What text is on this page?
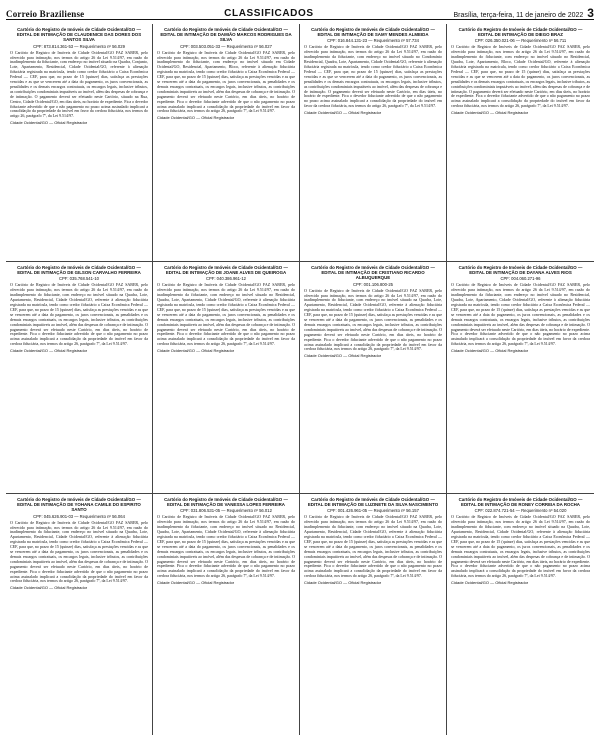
Correio Braziliense	CLASSIFICADOS	Brasília, terça-feira, 11 de janeiro de 2022 3

Cartório do Registro de Imóveis de Cidade Ocidental/GO — EDITAL DE INTIMAÇÃO DE CLAUDENICE DAS DORES DOS SANTOS SILVA

CPF: 873.814.361-53 — Requerimento nº 56.029

O Cartório de Registro de Imóveis de Cidade Ocidental/GO FAZ SABER, pelo oferecido para intimação, nos termos do artigo 26 da Lei 9.514/97, em razão do inadimplemento da fiduciante, com endereço no imóvel situado na Quadra, Conjunto, Lote, Apartamento, Residencial, Cidade Ocidental/GO, referente à alienação fiduciária registrada na matrícula, tendo como credor fiduciário a Caixa Econômica Federal — CEF, para que, no prazo de 15 (quinze) dias, satisfaça as prestações vencidas e as que se vencerem até a data do pagamento, os juros convencionais, as penalidades e os demais encargos contratuais, os encargos legais, inclusive tributos, as contribuições condominiais imputáveis ao imóvel, além das despesas de cobrança e de intimação. O pagamento deverá ser efetuado neste Cartório, situado na Rua, Centro, Cidade Ocidental/GO, em dias úteis, no horário de expediente. Fica o devedor fiduciante advertido de que o não pagamento no prazo acima assinalado implicará a consolidação da propriedade do imóvel em favor da credora fiduciária, nos termos do artigo 26, parágrafo 7º, da Lei 9.514/97.

Cidade Ocidental/GO — Oficial Registrador

Cartório do Registro de Imóveis de Cidade Ocidental/GO — EDITAL DE INTIMAÇÃO DE DAMIÃO MARCOS RODRIGUES DA SILVA

CPF: 003.503.051-33 — Requerimento nº 56.027

O Cartório de Registro de Imóveis de Cidade Ocidental/GO FAZ SABER, pelo oferecido para intimação, nos termos do artigo 26 da Lei 9.514/97, em razão do inadimplemento do fiduciante, com endereço no imóvel situado em Cidade Ocidental/GO, Residencial, Apartamento, Bloco, referente à alienação fiduciária registrada na matrícula, tendo como credor fiduciário a Caixa Econômica Federal — CEF, para que, no prazo de 15 (quinze) dias, satisfaça as prestações vencidas e as que se vencerem até a data do pagamento, os juros convencionais, as penalidades e os demais encargos contratuais, os encargos legais, inclusive tributos, as contribuições condominiais imputáveis ao imóvel, além das despesas de cobrança e de intimação. O pagamento deverá ser efetuado neste Cartório, em dias úteis, no horário de expediente. Fica o devedor fiduciante advertido de que o não pagamento no prazo acima assinalado implicará a consolidação da propriedade do imóvel em favor da credora fiduciária, nos termos do artigo 26, parágrafo 7º, da Lei 9.514/97.

Cidade Ocidental/GO — Oficial Registrador

Cartório do Registro de Imóveis de Cidade Ocidental/GO — EDITAL DE INTIMAÇÃO DE SAMY MENDES ALMEIDA

CPF: 016.844.131-23 — Requerimento nº 57.734

O Cartório de Registro de Imóveis de Cidade Ocidental/GO FAZ SABER, pelo oferecido para intimação, nos termos do artigo 26 da Lei 9.514/97, em razão do inadimplemento da fiduciante, com endereço no imóvel situado no Condomínio Residencial, Quadra, Lote, Apartamento, Cidade Ocidental/GO, referente à alienação fiduciária registrada na matrícula, tendo como credor fiduciário a Caixa Econômica Federal — CEF, para que, no prazo de 15 (quinze) dias, satisfaça as prestações vencidas e as que se vencerem até a data do pagamento, os juros convencionais, as penalidades e os demais encargos contratuais, os encargos legais, inclusive tributos, as contribuições condominiais imputáveis ao imóvel, além das despesas de cobrança e de intimação. O pagamento deverá ser efetuado neste Cartório, em dias úteis, no horário de expediente. Fica o devedor fiduciante advertido de que o não pagamento no prazo acima assinalado implicará a consolidação da propriedade do imóvel em favor da credora fiduciária, nos termos do artigo 26, parágrafo 7º, da Lei 9.514/97.

Cidade Ocidental/GO — Oficial Registrador

Cartório do Registro de Imóveis de Cidade Ocidental/GO — EDITAL DE INTIMAÇÃO DE DIEGO BRAZ

CPF: 026.350.021-06 — Requerimento nº 56.711

O Cartório de Registro de Imóveis de Cidade Ocidental/GO FAZ SABER, pelo oferecido para intimação, nos termos do artigo 26 da Lei 9.514/97, em razão do inadimplemento do fiduciante, com endereço no imóvel situado no Residencial, Quadra, Lote, Apartamento, Bloco, Cidade Ocidental/GO, referente à alienação fiduciária registrada na matrícula, tendo como credor fiduciário a Caixa Econômica Federal — CEF, para que, no prazo de 15 (quinze) dias, satisfaça as prestações vencidas e as que se vencerem até a data do pagamento, os juros convencionais, as penalidades e os demais encargos contratuais, os encargos legais, inclusive tributos, as contribuições condominiais imputáveis ao imóvel, além das despesas de cobrança e de intimação. O pagamento deverá ser efetuado neste Cartório, em dias úteis, no horário de expediente. Fica o devedor fiduciante advertido de que o não pagamento no prazo acima assinalado implicará a consolidação da propriedade do imóvel em favor da credora fiduciária, nos termos do artigo 26, parágrafo 7º, da Lei 9.514/97.

Cidade Ocidental/GO — Oficial Registrador

Cartório do Registro de Imóveis de Cidade Ocidental/GO — EDITAL DE INTIMAÇÃO DE GILSON CARVALHO FERREIRA

CPF: 035.768.541-10

O Cartório de Registro de Imóveis de Cidade Ocidental/GO FAZ SABER, pelo oferecido para intimação, nos termos do artigo 26 da Lei 9.514/97, em razão do inadimplemento do fiduciante, com endereço no imóvel situado na Quadra, Lote, Apartamento, Residencial, Cidade Ocidental/GO, referente à alienação fiduciária registrada na matrícula, tendo como credor fiduciário a Caixa Econômica Federal — CEF, para que, no prazo de 15 (quinze) dias, satisfaça as prestações vencidas e as que se vencerem até a data do pagamento, os juros convencionais, as penalidades e os demais encargos contratuais, os encargos legais, inclusive tributos, as contribuições condominiais imputáveis ao imóvel, além das despesas de cobrança e de intimação. O pagamento deverá ser efetuado neste Cartório, em dias úteis, no horário de expediente. Fica o devedor fiduciante advertido de que o não pagamento no prazo acima assinalado implicará a consolidação da propriedade do imóvel em favor da credora fiduciária, nos termos do artigo 26, parágrafo 7º, da Lei 9.514/97.

Cidade Ocidental/GO — Oficial Registrador

Cartório do Registro de Imóveis de Cidade Ocidental/GO — EDITAL DE INTIMAÇÃO DE JOANE ALVES DE QUEIROGA

CPF: 040.386.961-12

O Cartório de Registro de Imóveis de Cidade Ocidental/GO FAZ SABER, pelo oferecido para intimação, nos termos do artigo 26 da Lei 9.514/97, em razão do inadimplemento da fiduciante, com endereço no imóvel situado no Residencial, Quadra, Lote, Apartamento, Cidade Ocidental/GO, referente à alienação fiduciária registrada na matrícula, tendo como credor fiduciário a Caixa Econômica Federal — CEF, para que, no prazo de 15 (quinze) dias, satisfaça as prestações vencidas e as que se vencerem até a data do pagamento, os juros convencionais, as penalidades e os demais encargos contratuais, os encargos legais, inclusive tributos, as contribuições condominiais imputáveis ao imóvel, além das despesas de cobrança e de intimação. O pagamento deverá ser efetuado neste Cartório, em dias úteis, no horário de expediente. Fica o devedor fiduciante advertido de que o não pagamento no prazo acima assinalado implicará a consolidação da propriedade do imóvel em favor da credora fiduciária, nos termos do artigo 26, parágrafo 7º, da Lei 9.514/97.

Cidade Ocidental/GO — Oficial Registrador

Cartório do Registro de Imóveis de Cidade Ocidental/GO — EDITAL DE INTIMAÇÃO DE CRISTIANO RICARDO ALBUQUERQUE

CPF: 001.106.800-25

O Cartório de Registro de Imóveis de Cidade Ocidental/GO FAZ SABER, pelo oferecido para intimação, nos termos do artigo 26 da Lei 9.514/97, em razão do inadimplemento do fiduciante, com endereço no imóvel situado na Quadra, Lote, Apartamento, Residencial, Cidade Ocidental/GO, referente à alienação fiduciária registrada na matrícula, tendo como credor fiduciário a Caixa Econômica Federal — CEF, para que, no prazo de 15 (quinze) dias, satisfaça as prestações vencidas e as que se vencerem até a data do pagamento, os juros convencionais, as penalidades e os demais encargos contratuais, os encargos legais, inclusive tributos, as contribuições condominiais imputáveis ao imóvel, além das despesas de cobrança e de intimação. O pagamento deverá ser efetuado neste Cartório, em dias úteis, no horário de expediente. Fica o devedor fiduciante advertido de que o não pagamento no prazo acima assinalado implicará a consolidação da propriedade do imóvel em favor da credora fiduciária, nos termos do artigo 26, parágrafo 7º, da Lei 9.514/97.

Cidade Ocidental/GO — Oficial Registrador

Cartório do Registro de Imóveis de Cidade Ocidental/GO — EDITAL DE INTIMAÇÃO DE DAYANA ALVES RIOS

CPF: 004.060.271-96

O Cartório de Registro de Imóveis de Cidade Ocidental/GO FAZ SABER, pelo oferecido para intimação, nos termos do artigo 26 da Lei 9.514/97, em razão do inadimplemento da fiduciante, com endereço no imóvel situado no Residencial, Quadra, Lote, Apartamento, Cidade Ocidental/GO, referente à alienação fiduciária registrada na matrícula, tendo como credor fiduciário a Caixa Econômica Federal — CEF, para que, no prazo de 15 (quinze) dias, satisfaça as prestações vencidas e as que se vencerem até a data do pagamento, os juros convencionais, as penalidades e os demais encargos contratuais, os encargos legais, inclusive tributos, as contribuições condominiais imputáveis ao imóvel, além das despesas de cobrança e de intimação. O pagamento deverá ser efetuado neste Cartório, em dias úteis, no horário de expediente. Fica o devedor fiduciante advertido de que o não pagamento no prazo acima assinalado implicará a consolidação da propriedade do imóvel em favor da credora fiduciária, nos termos do artigo 26, parágrafo 7º, da Lei 9.514/97.

Cidade Ocidental/GO — Oficial Registrador

Cartório do Registro de Imóveis de Cidade Ocidental/GO — EDITAL DE INTIMAÇÃO DE YOHANA CAMILE DO ESPIRITO SANTO

CPF: 045.626.901-03 — Requerimento nº 56.064

O Cartório de Registro de Imóveis de Cidade Ocidental/GO FAZ SABER, pelo oferecido para intimação, nos termos do artigo 26 da Lei 9.514/97, em razão do inadimplemento da fiduciante, com endereço no imóvel situado na Quadra, Lote, Apartamento, Residencial, Cidade Ocidental/GO, referente à alienação fiduciária registrada na matrícula, tendo como credor fiduciário a Caixa Econômica Federal — CEF, para que, no prazo de 15 (quinze) dias, satisfaça as prestações vencidas e as que se vencerem até a data do pagamento, os juros convencionais, as penalidades e os demais encargos contratuais, os encargos legais, inclusive tributos, as contribuições condominiais imputáveis ao imóvel, além das despesas de cobrança e de intimação. O pagamento deverá ser efetuado neste Cartório, em dias úteis, no horário de expediente. Fica o devedor fiduciante advertido de que o não pagamento no prazo acima assinalado implicará a consolidação da propriedade do imóvel em favor da credora fiduciária, nos termos do artigo 26, parágrafo 7º, da Lei 9.514/97.

Cidade Ocidental/GO — Oficial Registrador

Cartório do Registro de Imóveis de Cidade Ocidental/GO — EDITAL DE INTIMAÇÃO DE VANESSA LOPES FERREIRA

CPF: 031.806.531-05 — Requerimento nº 56.012

O Cartório de Registro de Imóveis de Cidade Ocidental/GO FAZ SABER, pelo oferecido para intimação, nos termos do artigo 26 da Lei 9.514/97, em razão do inadimplemento da fiduciante, com endereço no imóvel situado no Residencial, Quadra, Lote, Apartamento, Cidade Ocidental/GO, referente à alienação fiduciária registrada na matrícula, tendo como credor fiduciário a Caixa Econômica Federal — CEF, para que, no prazo de 15 (quinze) dias, satisfaça as prestações vencidas e as que se vencerem até a data do pagamento, os juros convencionais, as penalidades e os demais encargos contratuais, os encargos legais, inclusive tributos, as contribuições condominiais imputáveis ao imóvel, além das despesas de cobrança e de intimação. O pagamento deverá ser efetuado neste Cartório, em dias úteis, no horário de expediente. Fica o devedor fiduciante advertido de que o não pagamento no prazo acima assinalado implicará a consolidação da propriedade do imóvel em favor da credora fiduciária, nos termos do artigo 26, parágrafo 7º, da Lei 9.514/97.

Cidade Ocidental/GO — Oficial Registrador

Cartório do Registro de Imóveis de Cidade Ocidental/GO — EDITAL DE INTIMAÇÃO DE LUZINETE DA SILVA NASCIMENTO

CPF: 001.426.961-05 — Requerimento nº 56.157

O Cartório de Registro de Imóveis de Cidade Ocidental/GO FAZ SABER, pelo oferecido para intimação, nos termos do artigo 26 da Lei 9.514/97, em razão do inadimplemento da fiduciante, com endereço no imóvel situado na Quadra, Lote, Apartamento, Residencial, Cidade Ocidental/GO, referente à alienação fiduciária registrada na matrícula, tendo como credor fiduciário a Caixa Econômica Federal — CEF, para que, no prazo de 15 (quinze) dias, satisfaça as prestações vencidas e as que se vencerem até a data do pagamento, os juros convencionais, as penalidades e os demais encargos contratuais, os encargos legais, inclusive tributos, as contribuições condominiais imputáveis ao imóvel, além das despesas de cobrança e de intimação. O pagamento deverá ser efetuado neste Cartório, em dias úteis, no horário de expediente. Fica o devedor fiduciante advertido de que o não pagamento no prazo acima assinalado implicará a consolidação da propriedade do imóvel em favor da credora fiduciária, nos termos do artigo 26, parágrafo 7º, da Lei 9.514/97.

Cidade Ocidental/GO — Oficial Registrador

Cartório do Registro de Imóveis de Cidade Ocidental/GO — EDITAL DE INTIMAÇÃO DE RONEY CORREIA DA ROCHA

CPF: 022.874.721-54 — Requerimento nº 54.020

O Cartório de Registro de Imóveis de Cidade Ocidental/GO FAZ SABER, pelo oferecido para intimação, nos termos do artigo 26 da Lei 9.514/97, em razão do inadimplemento do fiduciante, com endereço no imóvel situado na Quadra, Lote, Apartamento, Residencial, Cidade Ocidental/GO, referente à alienação fiduciária registrada na matrícula, tendo como credor fiduciário a Caixa Econômica Federal — CEF, para que, no prazo de 15 (quinze) dias, satisfaça as prestações vencidas e as que se vencerem até a data do pagamento, os juros convencionais, as penalidades e os demais encargos contratuais, os encargos legais, inclusive tributos, as contribuições condominiais imputáveis ao imóvel, além das despesas de cobrança e de intimação. O pagamento deverá ser efetuado neste Cartório, em dias úteis, no horário de expediente. Fica o devedor fiduciante advertido de que o não pagamento no prazo acima assinalado implicará a consolidação da propriedade do imóvel em favor da credora fiduciária, nos termos do artigo 26, parágrafo 7º, da Lei 9.514/97.

Cidade Ocidental/GO — Oficial Registrador
